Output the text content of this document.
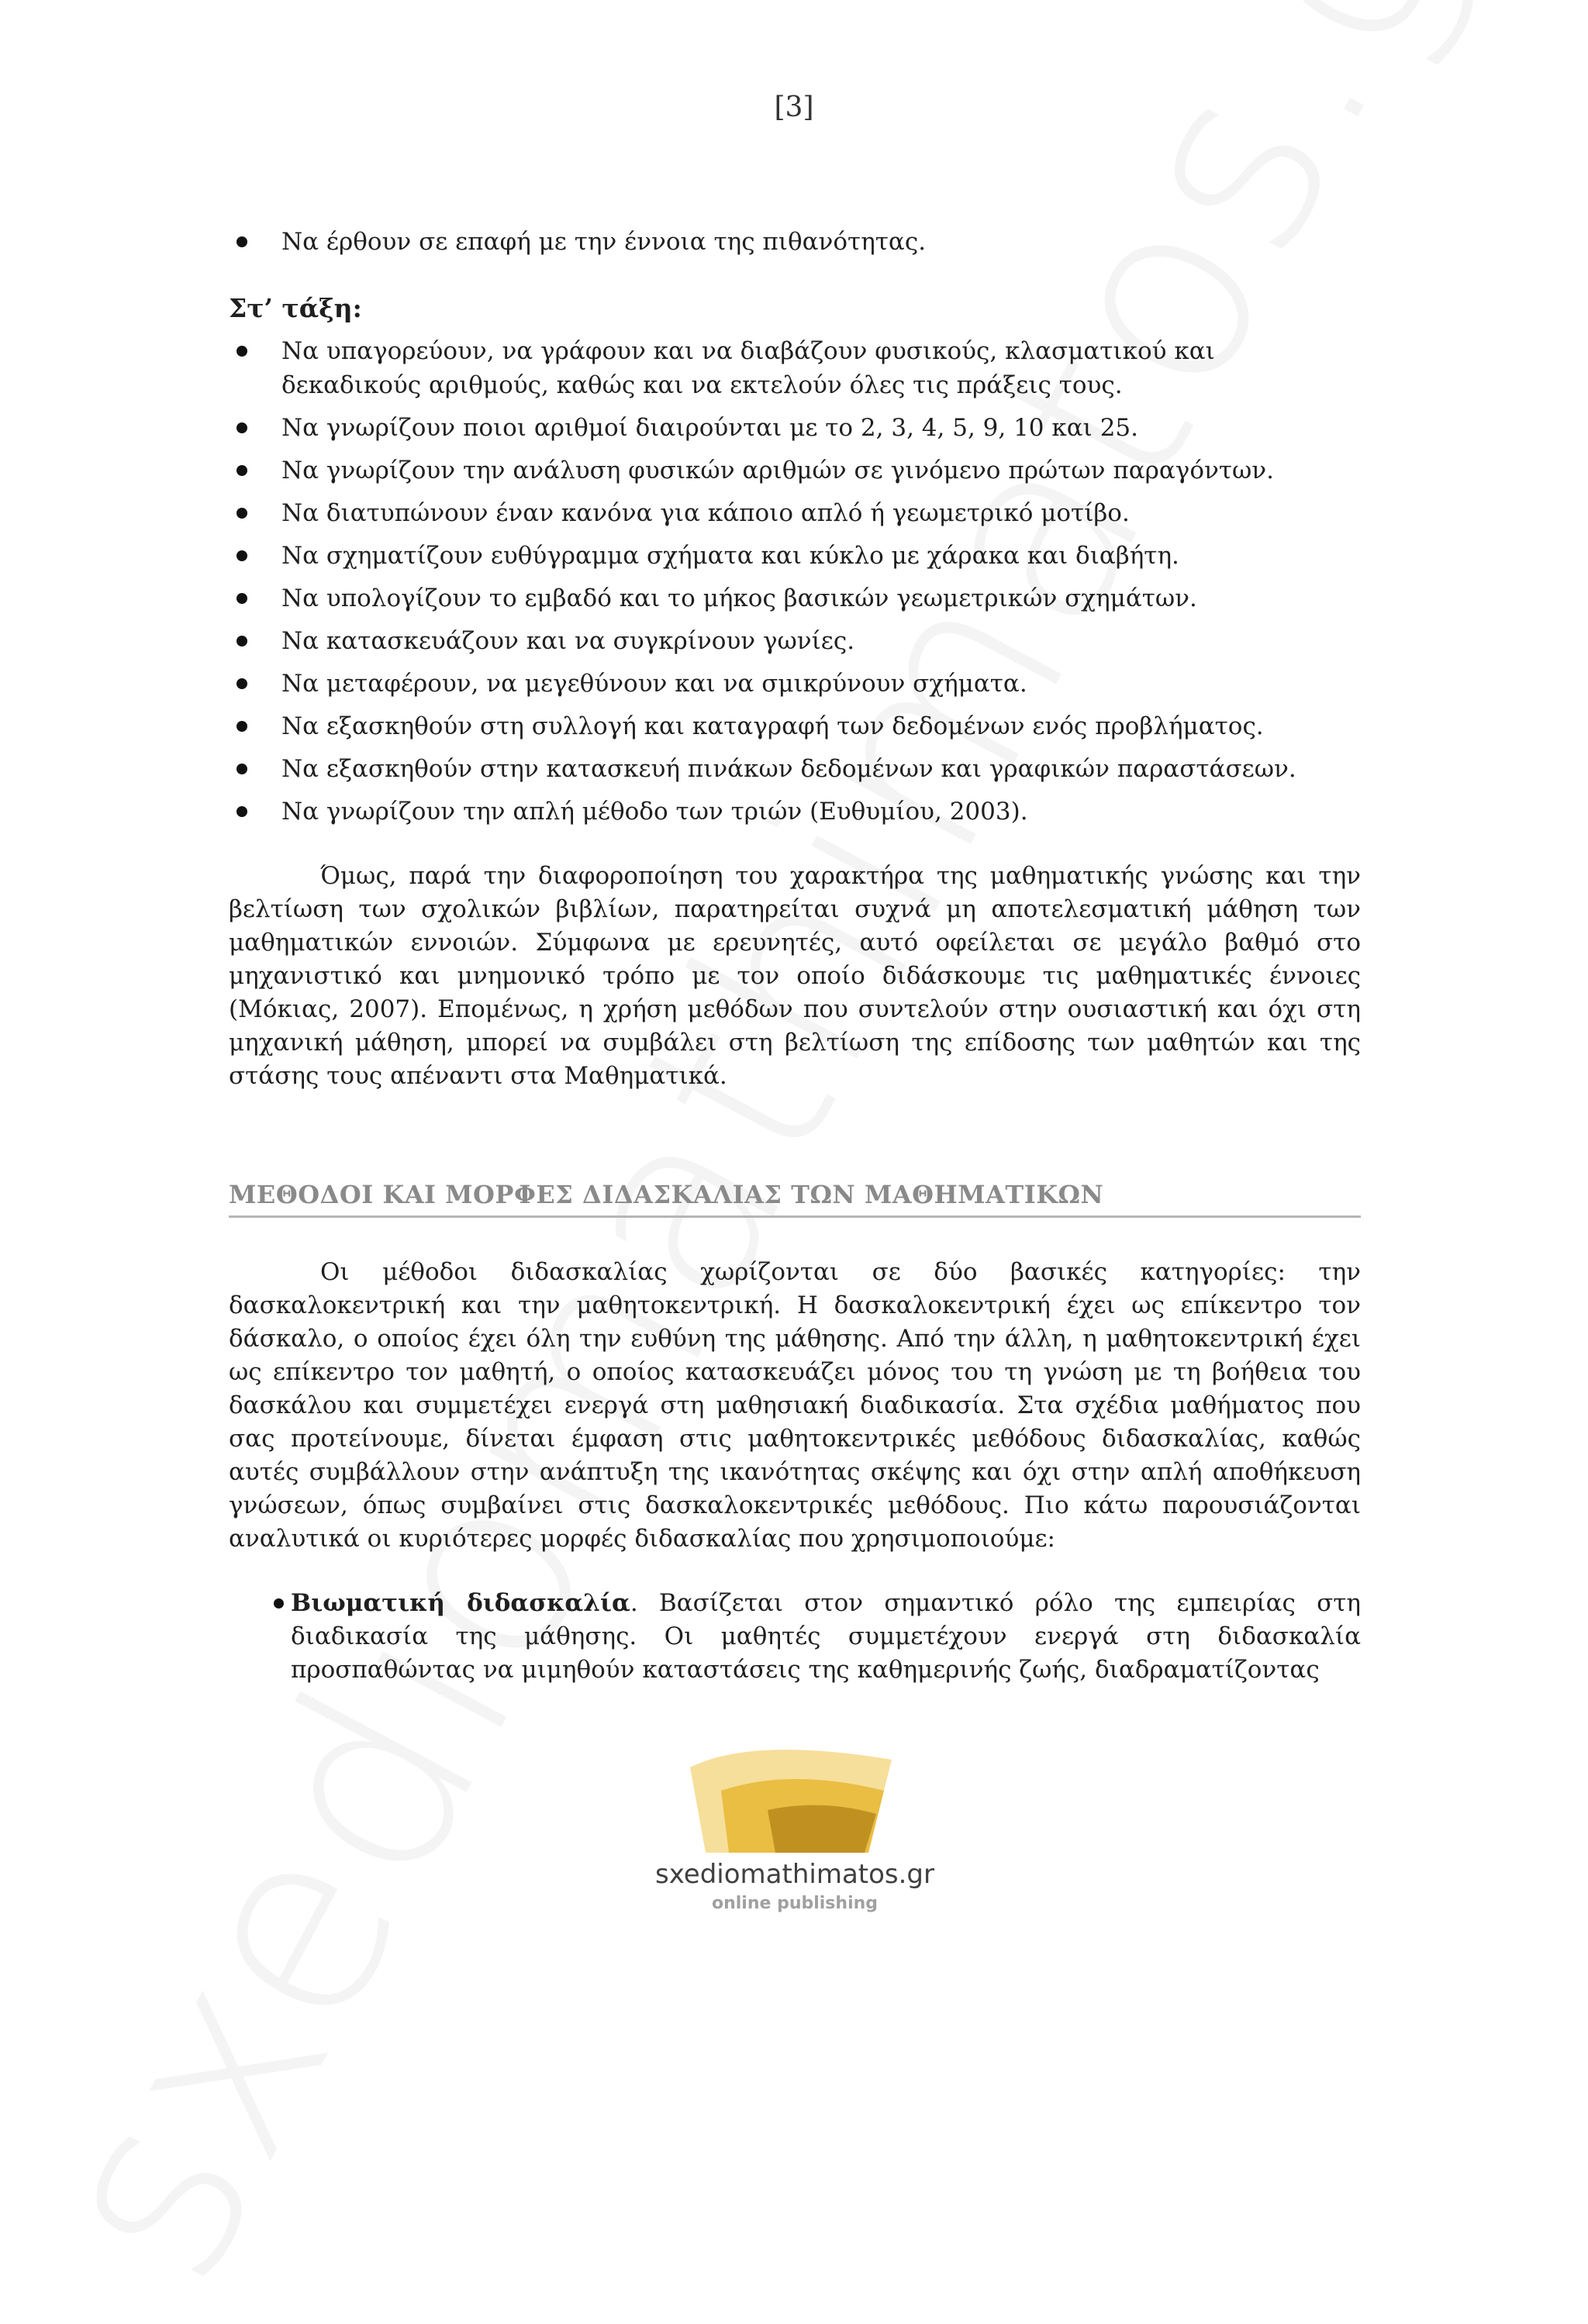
[3]
Να έρθουν σε επαφή με την έννοια της πιθανότητας.
Στ’ τάξη:
Να υπαγορεύουν, να γράφουν και να διαβάζουν φυσικούς, κλασματικού και δεκαδικούς αριθμούς, καθώς και να εκτελούν όλες τις πράξεις τους.
Να γνωρίζουν ποιοι αριθμοί διαιρούνται με το 2, 3, 4, 5, 9, 10 και 25.
Να γνωρίζουν την ανάλυση φυσικών αριθμών σε γινόμενο πρώτων παραγόντων.
Να διατυπώνουν έναν κανόνα για κάποιο απλό ή γεωμετρικό μοτίβο.
Να σχηματίζουν ευθύγραμμα σχήματα και κύκλο με χάρακα και διαβήτη.
Να υπολογίζουν το εμβαδό και το μήκος βασικών γεωμετρικών σχημάτων.
Να κατασκευάζουν και να συγκρίνουν γωνίες.
Να μεταφέρουν, να μεγεθύνουν και να σμικρύνουν σχήματα.
Να εξασκηθούν στη συλλογή και καταγραφή των δεδομένων ενός προβλήματος.
Να εξασκηθούν στην κατασκευή πινάκων δεδομένων και γραφικών παραστάσεων.
Να γνωρίζουν την απλή μέθοδο των τριών (Ευθυμίου, 2003).

Όμως, παρά την διαφοροποίηση του χαρακτήρα της μαθηματικής γνώσης και την βελτίωση των σχολικών βιβλίων, παρατηρείται συχνά μη αποτελεσματική μάθηση των μαθηματικών εννοιών. Σύμφωνα με ερευνητές, αυτό οφείλεται σε μεγάλο βαθμό στο μηχανιστικό και μνημονικό τρόπο με τον οποίο διδάσκουμε τις μαθηματικές έννοιες (Μόκιας, 2007). Επομένως, η χρήση μεθόδων που συντελούν στην ουσιαστική και όχι στη μηχανική μάθηση, μπορεί να συμβάλει στη βελτίωση της επίδοσης των μαθητών και της στάσης τους απέναντι στα Μαθηματικά.

ΜΕΘΟΔΟΙ ΚΑΙ ΜΟΡΦΕΣ ΔΙΔΑΣΚΑΛΙΑΣ ΤΩΝ ΜΑΘΗΜΑΤΙΚΩΝ

Οι μέθοδοι διδασκαλίας χωρίζονται σε δύο βασικές κατηγορίες: την δασκαλοκεντρική και την μαθητοκεντρική. Η δασκαλοκεντρική έχει ως επίκεντρο τον δάσκαλο, ο οποίος έχει όλη την ευθύνη της μάθησης. Από την άλλη, η μαθητοκεντρική έχει ως επίκεντρο τον μαθητή, ο οποίος κατασκευάζει μόνος του τη γνώση με τη βοήθεια του δασκάλου και συμμετέχει ενεργά στη μαθησιακή διαδικασία. Στα σχέδια μαθήματος που σας προτείνουμε, δίνεται έμφαση στις μαθητοκεντρικές μεθόδους διδασκαλίας, καθώς αυτές συμβάλλουν στην ανάπτυξη της ικανότητας σκέψης και όχι στην απλή αποθήκευση γνώσεων, όπως συμβαίνει στις δασκαλοκεντρικές μεθόδους. Πιο κάτω παρουσιάζονται αναλυτικά οι κυριότερες μορφές διδασκαλίας που χρησιμοποιούμε:

Βιωματική διδασκαλία. Βασίζεται στον σημαντικό ρόλο της εμπειρίας στη διαδικασία της μάθησης. Οι μαθητές συμμετέχουν ενεργά στη διδασκαλία προσπαθώντας να μιμηθούν καταστάσεις της καθημερινής ζωής, διαδραματίζοντας
sxediomathimatos.gr
online publishing
